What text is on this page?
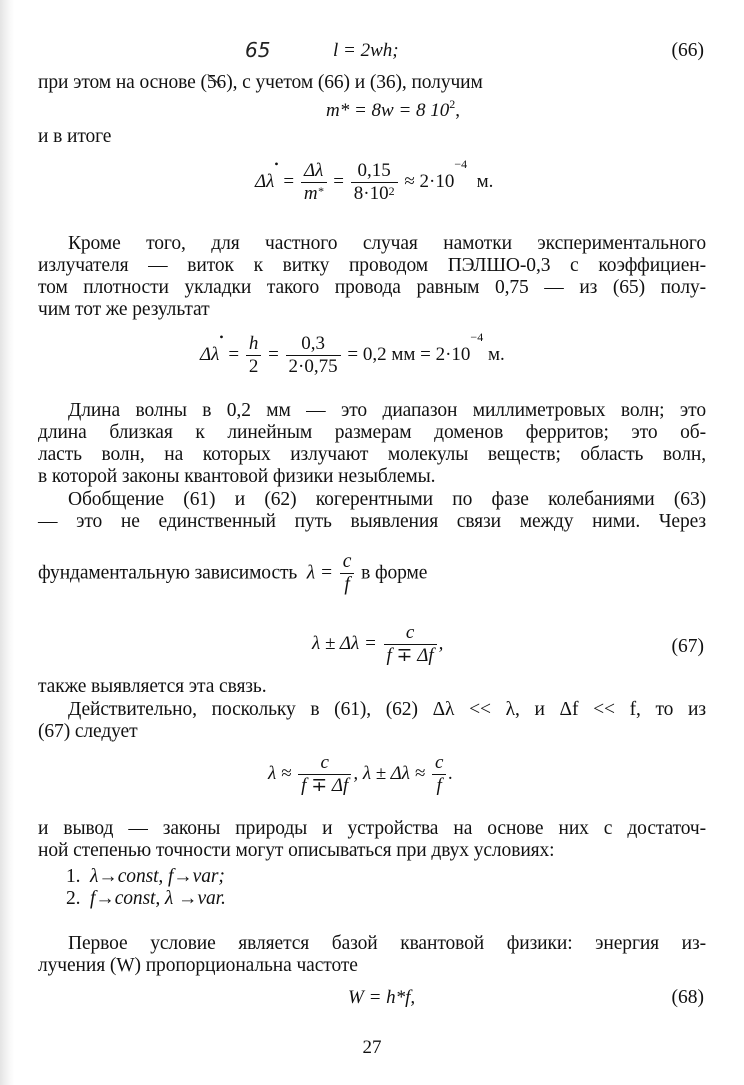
65	l = 2wh;	(66)
при этом на основе (56), с учетом (66) и (36), получим
m* = 8w = 8 $10^2$,
и в итоге
$\Delta\lambda^• = \frac{\Delta\lambda}{m^*} = \frac{0,15}{8\cdot 10^2} \approx 2\cdot 10^{-4}$  м.
Кроме того, для частного случая намотки экспериментального
излучателя — виток к витку проводом ПЭЛШО-0,3 с коэффициен-
том плотности укладки такого провода равным 0,75 — из (65) полу-
чим тот же результат
$\Delta\lambda^• = \frac{h}{2} = \frac{0,3}{2\cdot 0,75} = 0,2$ мм = $2\cdot 10^{-4}$ м.
Длина волны в 0,2 мм — это диапазон миллиметровых волн; это
длина близкая к линейным размерам доменов ферритов; это об-
ласть волн, на которых излучают молекулы веществ; область волн,
в которой законы квантовой физики незыблемы.
Обобщение (61) и (62) когерентными по фазе колебаниями (63)
— это не единственный путь выявления связи между ними. Через
фундаментальную зависимость $\lambda = \frac{c}{f}$ в форме
$\lambda \pm \Delta\lambda = \frac{c}{f \mp \Delta f}$ ,	(67)
также выявляется эта связь.
Действительно, поскольку в (61), (62) Δλ << λ, и Δf << f, то из
(67) следует
$\lambda \approx \frac{c}{f \mp \Delta f}$ , $\lambda \pm \Delta\lambda \approx \frac{c}{f}$ .
и вывод — законы природы и устройства на основе них с достаточ-
ной степенью точности могут описываться при двух условиях:
1. λ→const, f→var;
2. f→const, λ →var.
Первое условие является базой квантовой физики: энергия из-
лучения (W) пропорциональна частоте
W = h*f,	(68)
27
